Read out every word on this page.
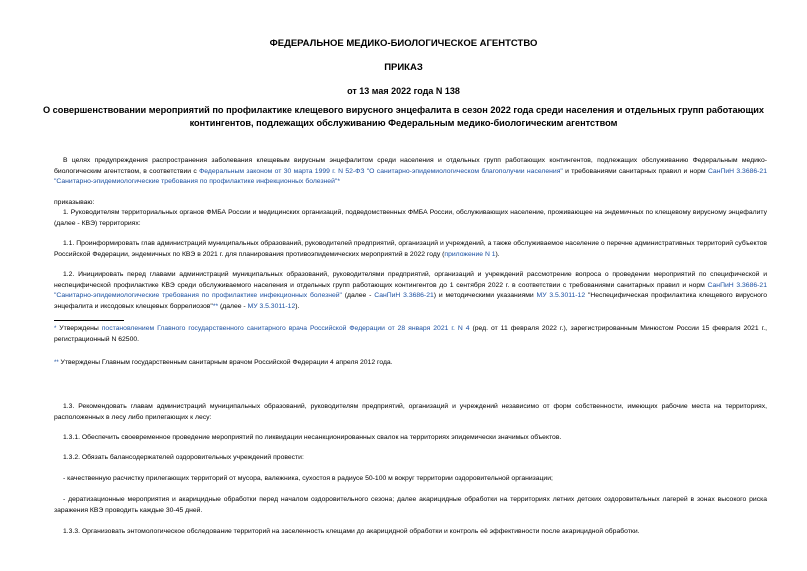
ФЕДЕРАЛЬНОЕ МЕДИКО-БИОЛОГИЧЕСКОЕ АГЕНТСТВО
ПРИКАЗ
от 13 мая 2022 года N 138
О совершенствовании мероприятий по профилактике клещевого вирусного энцефалита в сезон 2022 года среди населения и отдельных групп работающих контингентов, подлежащих обслуживанию Федеральным медико-биологическим агентством
В целях предупреждения распространения заболевания клещевым вирусным энцефалитом среди населения и отдельных групп работающих контингентов, подлежащих обслуживанию Федеральным медико-биологическим агентством, в соответствии с Федеральным законом от 30 марта 1999 г. N 52-ФЗ "О санитарно-эпидемиологическом благополучии населения" и требованиями санитарных правил и норм СанПиН 3.3686-21 "Санитарно-эпидемиологические требования по профилактике инфекционных болезней"*
приказываю:
1. Руководителям территориальных органов ФМБА России и медицинских организаций, подведомственных ФМБА России, обслуживающих население, проживающее на эндемичных по клещевому вирусному энцефалиту (далее - КВЭ) территориях:
1.1. Проинформировать глав администраций муниципальных образований, руководителей предприятий, организаций и учреждений, а также обслуживаемое население о перечне административных территорий субъектов Российской Федерации, эндемичных по КВЭ в 2021 г. для планирования противоэпидемических мероприятий в 2022 году (приложение N 1).
1.2. Инициировать перед главами администраций муниципальных образований, руководителями предприятий, организаций и учреждений рассмотрение вопроса о проведении мероприятий по специфической и неспецифической профилактике КВЭ среди обслуживаемого населения и отдельных групп работающих контингентов до 1 сентября 2022 г. в соответствии с требованиями санитарных правил и норм СанПиН 3.3686-21 "Санитарно-эпидемиологические требования по профилактике инфекционных болезней" (далее - СанПиН 3.3686-21) и методическими указаниями МУ 3.5.3011-12 "Неспецифическая профилактика клещевого вирусного энцефалита и иксодовых клещевых боррелиозов"** (далее - МУ 3.5.3011-12).
* Утверждены постановлением Главного государственного санитарного врача Российской Федерации от 28 января 2021 г. N 4 (ред. от 11 февраля 2022 г.), зарегистрированным Минюстом России 15 февраля 2021 г., регистрационный N 62500.
** Утверждены Главным государственным санитарным врачом Российской Федерации 4 апреля 2012 года.
1.3. Рекомендовать главам администраций муниципальных образований, руководителям предприятий, организаций и учреждений независимо от форм собственности, имеющих рабочие места на территориях, расположенных в лесу либо прилегающих к лесу:
1.3.1. Обеспечить своевременное проведение мероприятий по ликвидации несанкционированных свалок на территориях эпидемически значимых объектов.
1.3.2. Обязать балансодержателей оздоровительных учреждений провести:
- качественную расчистку прилегающих территорий от мусора, валежника, сухостоя в радиусе 50-100 м вокруг территории оздоровительной организации;
- дератизационные мероприятия и акарицидные обработки перед началом оздоровительного сезона; далее акарицидные обработки на территориях летних детских оздоровительных лагерей в зонах высокого риска заражения КВЭ проводить каждые 30-45 дней.
1.3.3. Организовать энтомологическое обследование территорий на заселенность клещами до акарицидной обработки и контроль её эффективности после акарицидной обработки.
